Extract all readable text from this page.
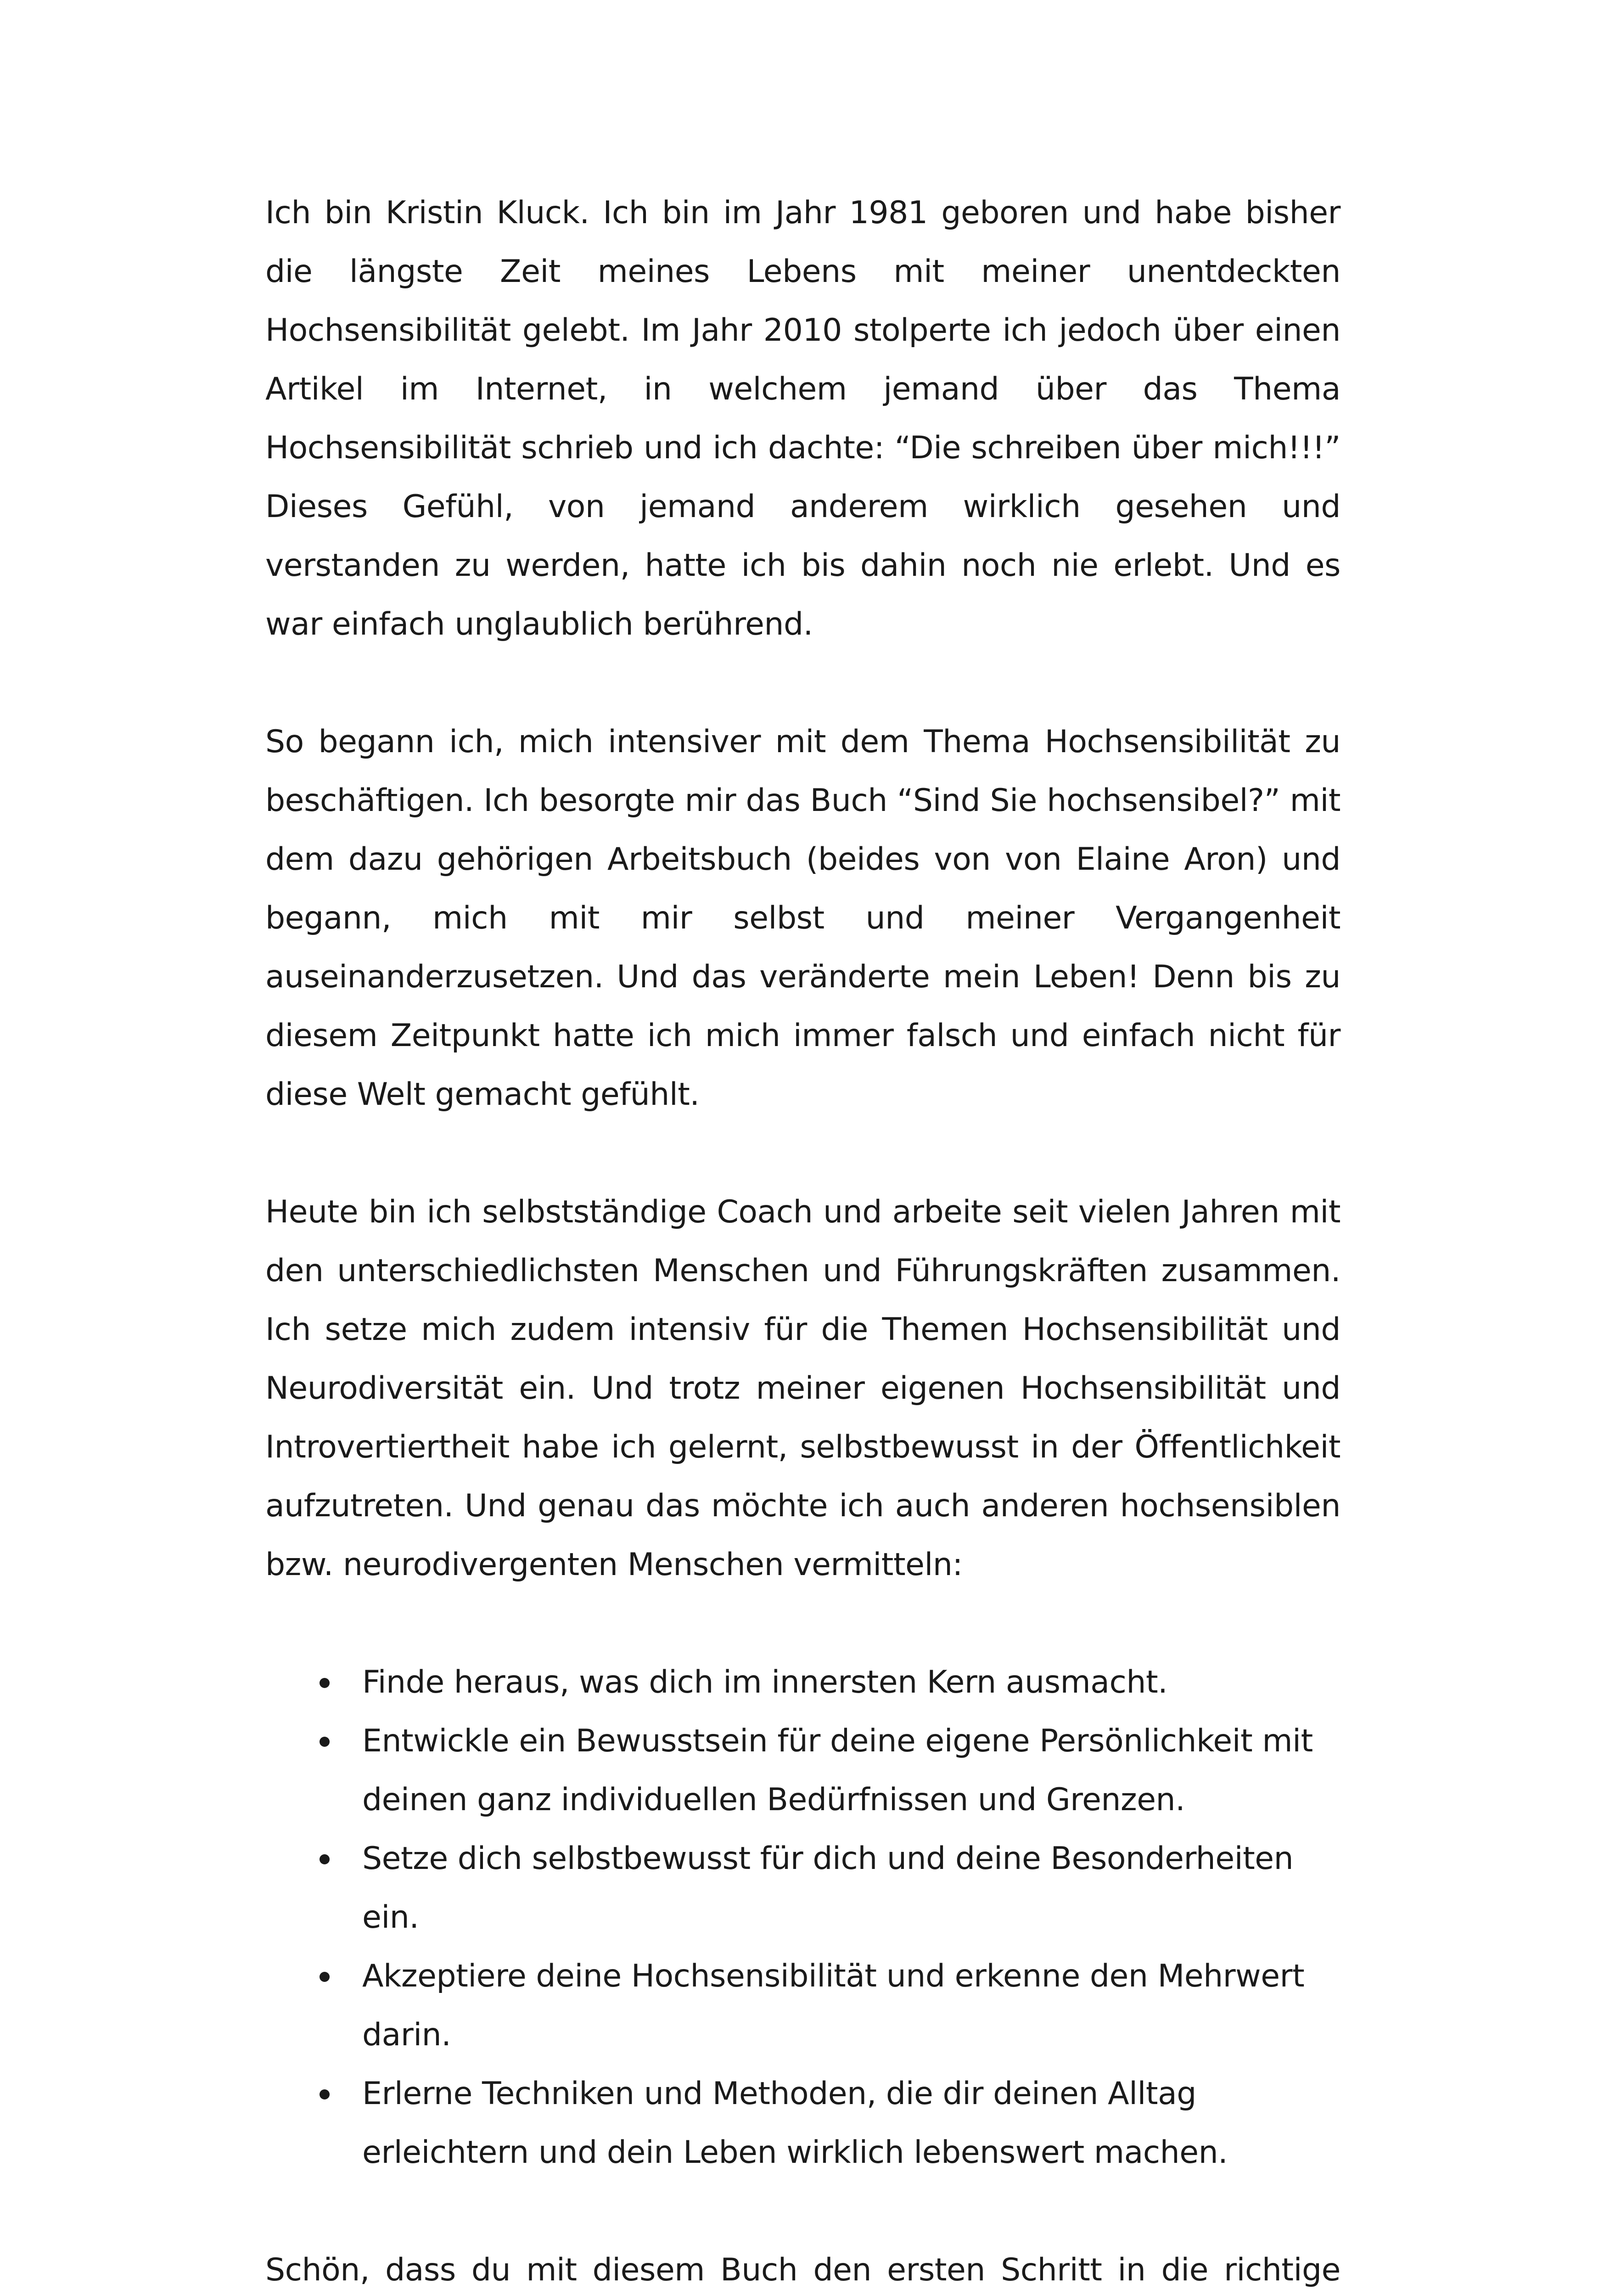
Ich bin Kristin Kluck. Ich bin im Jahr 1981 geboren und habe bisher die längste Zeit meines Lebens mit meiner unentdeckten Hochsensibilität gelebt. Im Jahr 2010 stolperte ich jedoch über einen Artikel im Internet, in welchem jemand über das Thema Hochsensibilität schrieb und ich dachte: “Die schreiben über mich!!!” Dieses Gefühl, von jemand anderem wirklich gesehen und verstanden zu werden, hatte ich bis dahin noch nie erlebt. Und es war einfach unglaublich berührend.

So begann ich, mich intensiver mit dem Thema Hochsensibilität zu beschäftigen. Ich besorgte mir das Buch “Sind Sie hochsensibel?” mit dem dazu gehörigen Arbeitsbuch (beides von von Elaine Aron) und begann, mich mit mir selbst und meiner Vergangenheit auseinanderzusetzen. Und das veränderte mein Leben! Denn bis zu diesem Zeitpunkt hatte ich mich immer falsch und einfach nicht für diese Welt gemacht gefühlt.

Heute bin ich selbstständige Coach und arbeite seit vielen Jahren mit den unterschiedlichsten Menschen und Führungskräften zusammen. Ich setze mich zudem intensiv für die Themen Hochsensibilität und Neurodiversität ein. Und trotz meiner eigenen Hochsensibilität und Introvertiertheit habe ich gelernt, selbstbewusst in der Öffentlichkeit aufzutreten. Und genau das möchte ich auch anderen hochsensiblen bzw. neurodivergenten Menschen vermitteln:

Finde heraus, was dich im innersten Kern ausmacht.
Entwickle ein Bewusstsein für deine eigene Persönlichkeit mit deinen ganz individuellen Bedürfnissen und Grenzen.
Setze dich selbstbewusst für dich und deine Besonderheiten ein.
Akzeptiere deine Hochsensibilität und erkenne den Mehrwert darin.
Erlerne Techniken und Methoden, die dir deinen Alltag erleichtern und dein Leben wirklich lebenswert machen.

Schön, dass du mit diesem Buch den ersten Schritt in die richtige
